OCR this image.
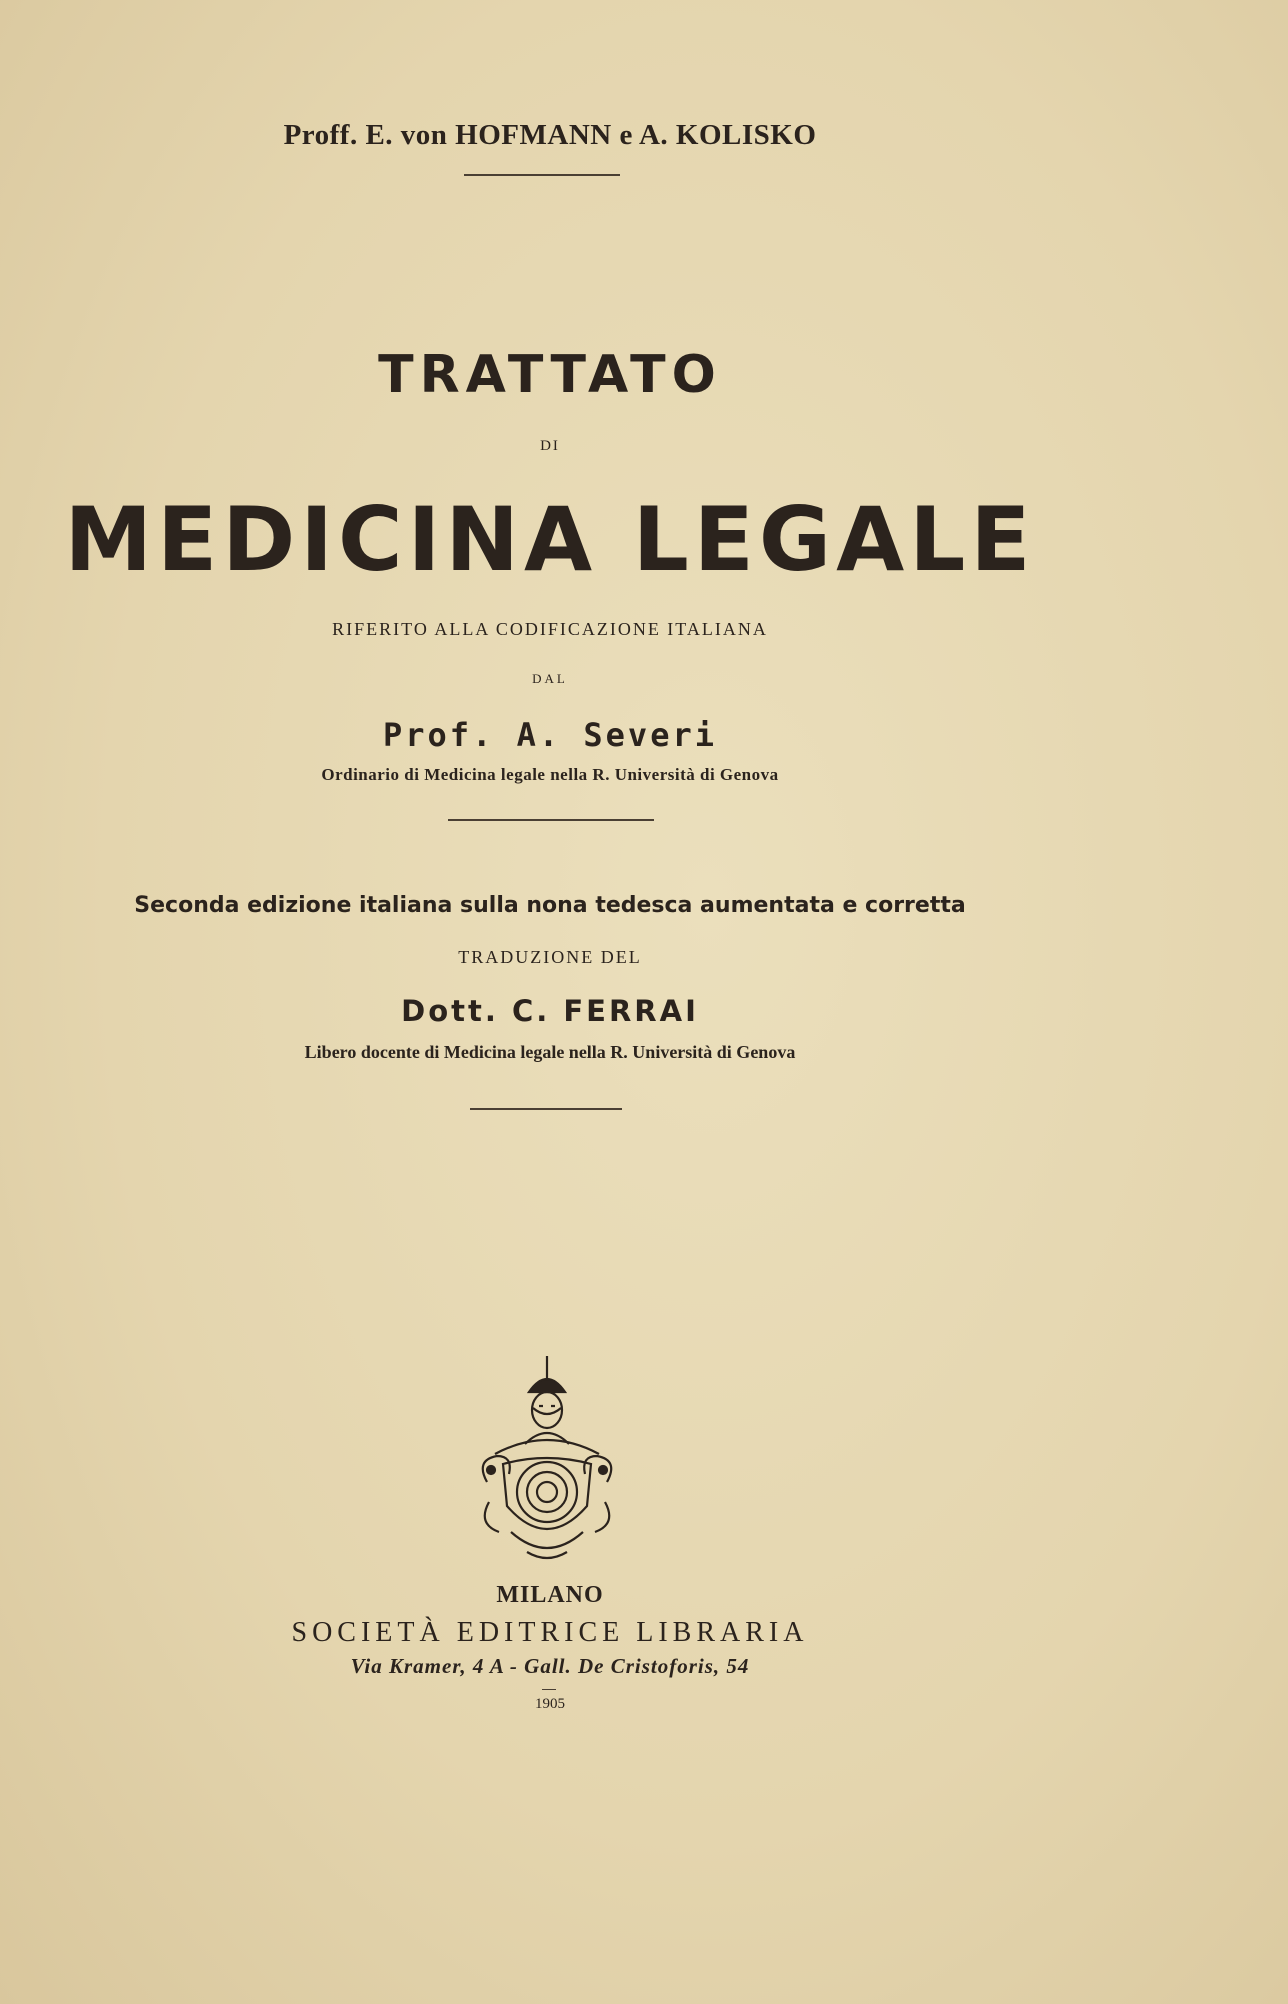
Proff. E. von HOFMANN e A. KOLISKO
TRATTATO
DI
MEDICINA LEGALE
RIFERITO ALLA CODIFICAZIONE ITALIANA
DAL
Prof. A. Severi
Ordinario di Medicina legale nella R. Università di Genova
Seconda edizione italiana sulla nona tedesca aumentata e corretta
TRADUZIONE DEL
Dott. C. FERRAI
Libero docente di Medicina legale nella R. Università di Genova
MILANO
SOCIETÀ EDITRICE LIBRARIA
Via Kramer, 4 A - Gall. De Cristoforis, 54
1905
